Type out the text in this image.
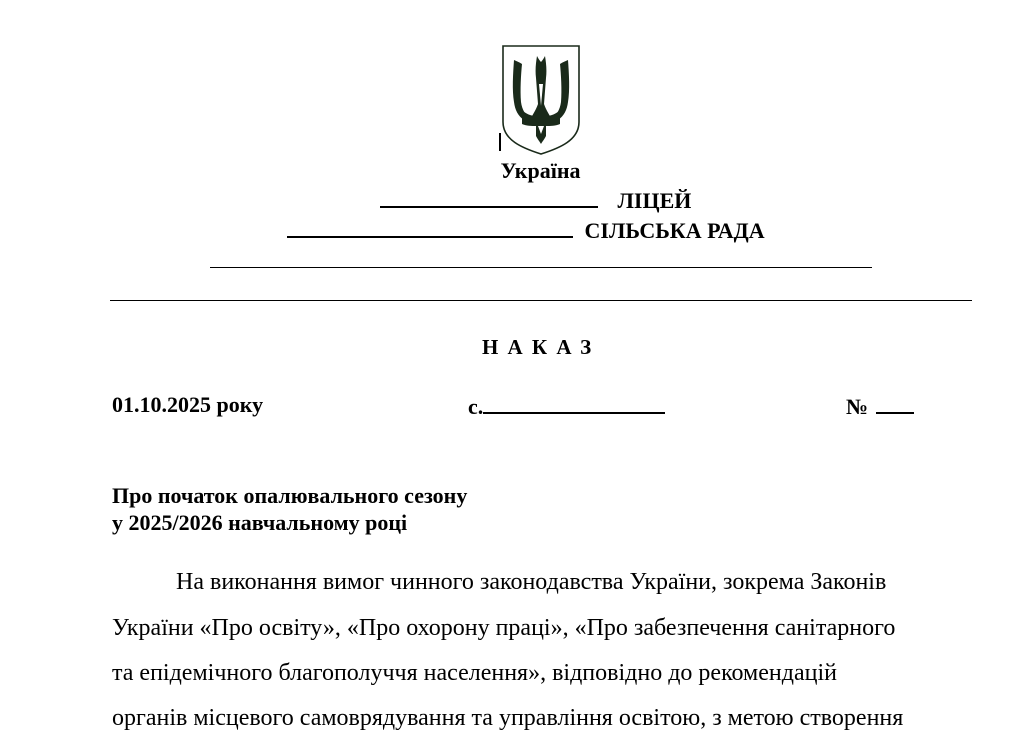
Україна
ЛІЦЕЙ
СІЛЬСЬКА РАДА
НАКАЗ
01.10.2025 року	с.	№
Про початок опалювального сезону
у 2025/2026 навчальному році
На виконання вимог чинного законодавства України, зокрема Законів
України «Про освіту», «Про охорону праці», «Про забезпечення санітарного
та епідемічного благополуччя населення», відповідно до рекомендацій
органів місцевого самоврядування та управління освітою, з метою створення
